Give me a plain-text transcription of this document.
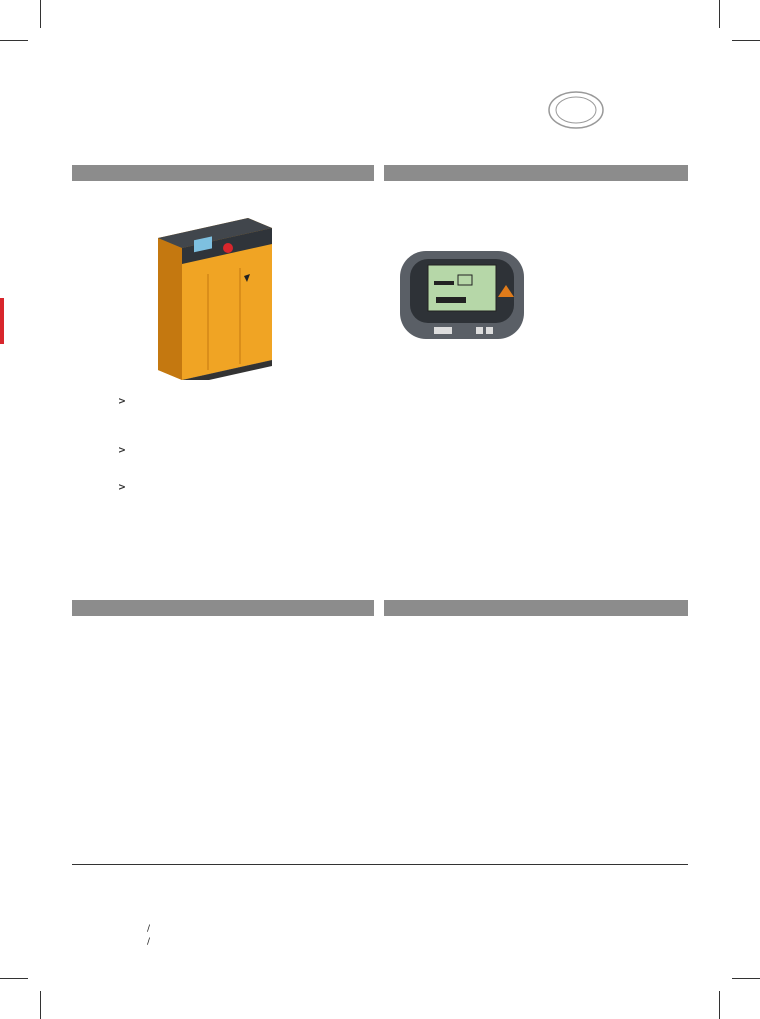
>
>
>
/
/
